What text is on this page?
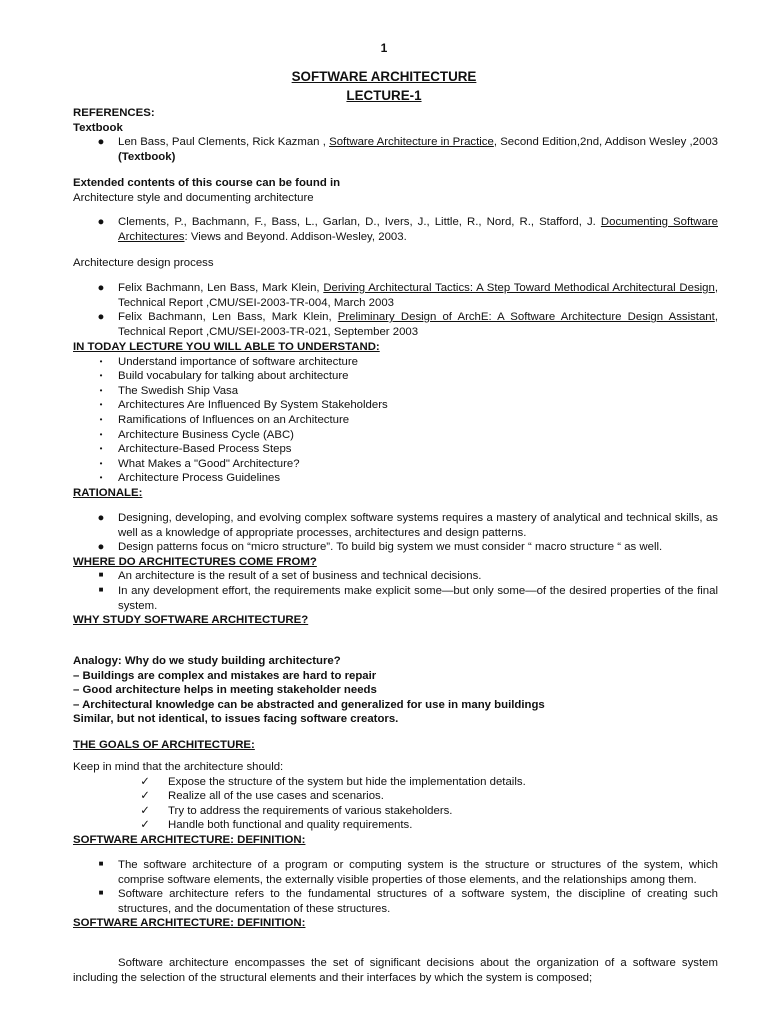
1
SOFTWARE ARCHITECTURE
LECTURE-1
REFERENCES:
Textbook
● Len Bass, Paul Clements, Rick Kazman , Software Architecture in Practice, Second Edition,2nd, Addison Wesley ,2003 (Textbook)
Extended contents of this course can be found in
Architecture style and documenting architecture
● Clements, P., Bachmann, F., Bass, L., Garlan, D., Ivers, J., Little, R., Nord, R., Stafford, J. Documenting Software Architectures: Views and Beyond. Addison-Wesley, 2003.
Architecture design process
● Felix Bachmann, Len Bass, Mark Klein, Deriving Architectural Tactics: A Step Toward Methodical Architectural Design, Technical Report ,CMU/SEI-2003-TR-004, March 2003
● Felix Bachmann, Len Bass, Mark Klein, Preliminary Design of ArchE: A Software Architecture Design Assistant, Technical Report ,CMU/SEI-2003-TR-021, September 2003
IN TODAY LECTURE YOU WILL ABLE TO UNDERSTAND:
•	Understand importance of software architecture
•	Build vocabulary for talking about architecture
•	The Swedish Ship Vasa
•	Architectures Are Influenced By System Stakeholders
•	Ramifications of Influences on an Architecture
•	Architecture Business Cycle (ABC)
•	Architecture-Based Process Steps
•	What Makes a "Good" Architecture?
•	Architecture Process Guidelines
RATIONALE:
● Designing, developing, and evolving complex software systems requires a mastery of analytical and technical skills, as well as a knowledge of appropriate processes, architectures and design patterns.
● Design patterns focus on “micro structure”. To build big system we must consider “ macro structure “ as well.
WHERE DO ARCHITECTURES COME FROM?
■	An architecture is the result of a set of business and technical decisions.
■	In any development effort, the requirements make explicit some—but only some—of the desired properties of the final system.
WHY STUDY SOFTWARE ARCHITECTURE?
Analogy: Why do we study building architecture?
– Buildings are complex and mistakes are hard to repair
– Good architecture helps in meeting stakeholder needs
– Architectural knowledge can be abstracted and generalized for use in many buildings
Similar, but not identical, to issues facing software creators.
THE GOALS OF ARCHITECTURE:
Keep in mind that the architecture should:
✓ Expose the structure of the system but hide the implementation details.
✓ Realize all of the use cases and scenarios.
✓ Try to address the requirements of various stakeholders.
✓ Handle both functional and quality requirements.
SOFTWARE ARCHITECTURE: DEFINITION:
■	The software architecture of a program or computing system is the structure or structures of the system, which comprise software elements, the externally visible properties of those elements, and the relationships among them.
■	Software architecture refers to the fundamental structures of a software system, the discipline of creating such structures, and the documentation of these structures.
SOFTWARE ARCHITECTURE: DEFINITION:
Software architecture encompasses the set of significant decisions about the organization of a software system including the selection of the structural elements and their interfaces by which the system is composed;
